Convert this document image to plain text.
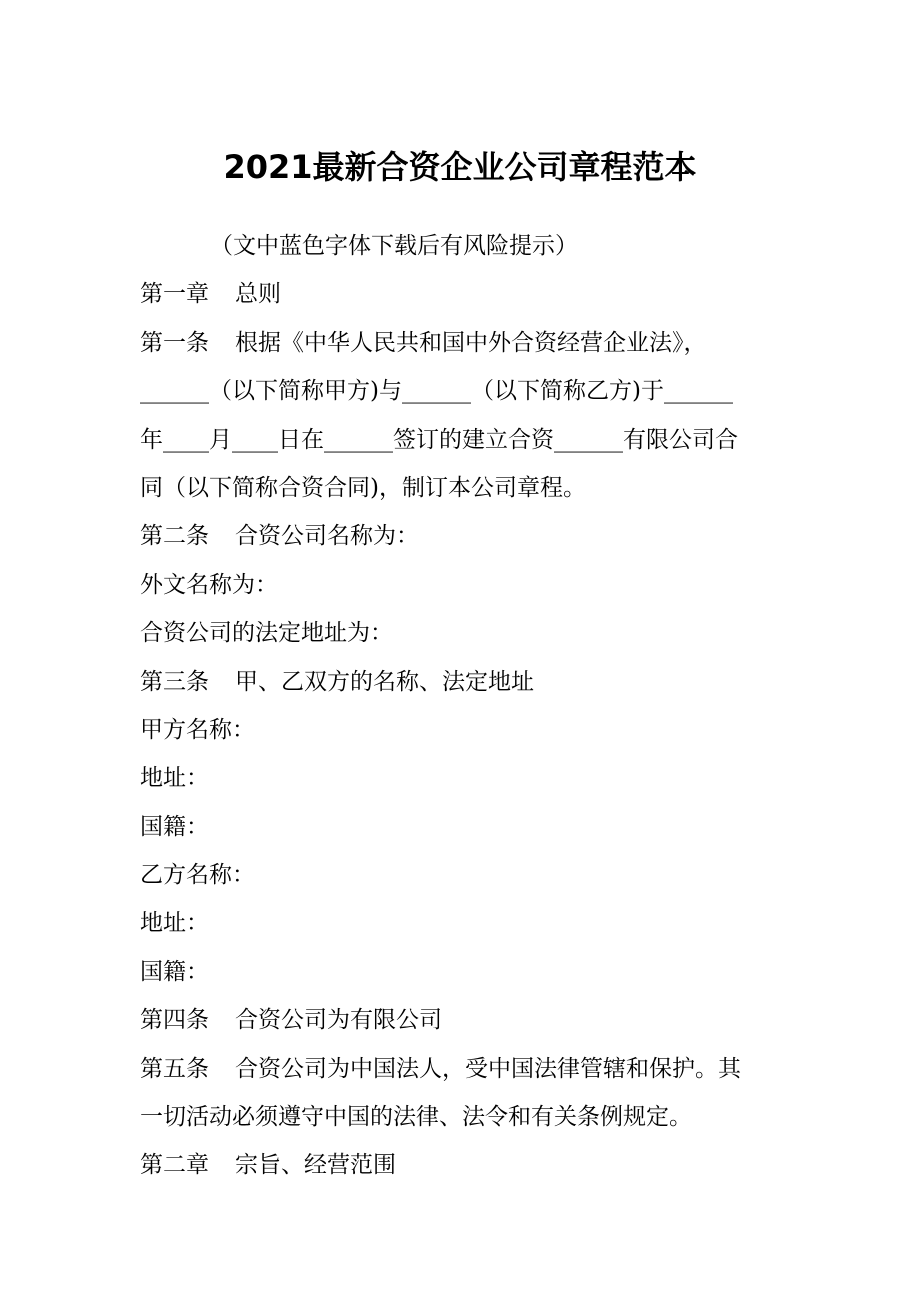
2021最新合资企业公司章程范本
（文中蓝色字体下载后有风险提示）
第一章 总则
第一条 根据《中华人民共和国中外合资经营企业法》，
______（以下简称甲方)与______（以下简称乙方)于______
年____月____日在______签订的建立合资______有限公司合
同（以下简称合资合同)，制订本公司章程。
第二条 合资公司名称为：
外文名称为：
合资公司的法定地址为：
第三条 甲、乙双方的名称、法定地址
甲方名称：
地址：
国籍：
乙方名称：
地址：
国籍：
第四条 合资公司为有限公司
第五条 合资公司为中国法人，受中国法律管辖和保护。其
一切活动必须遵守中国的法律、法令和有关条例规定。
第二章 宗旨、经营范围
